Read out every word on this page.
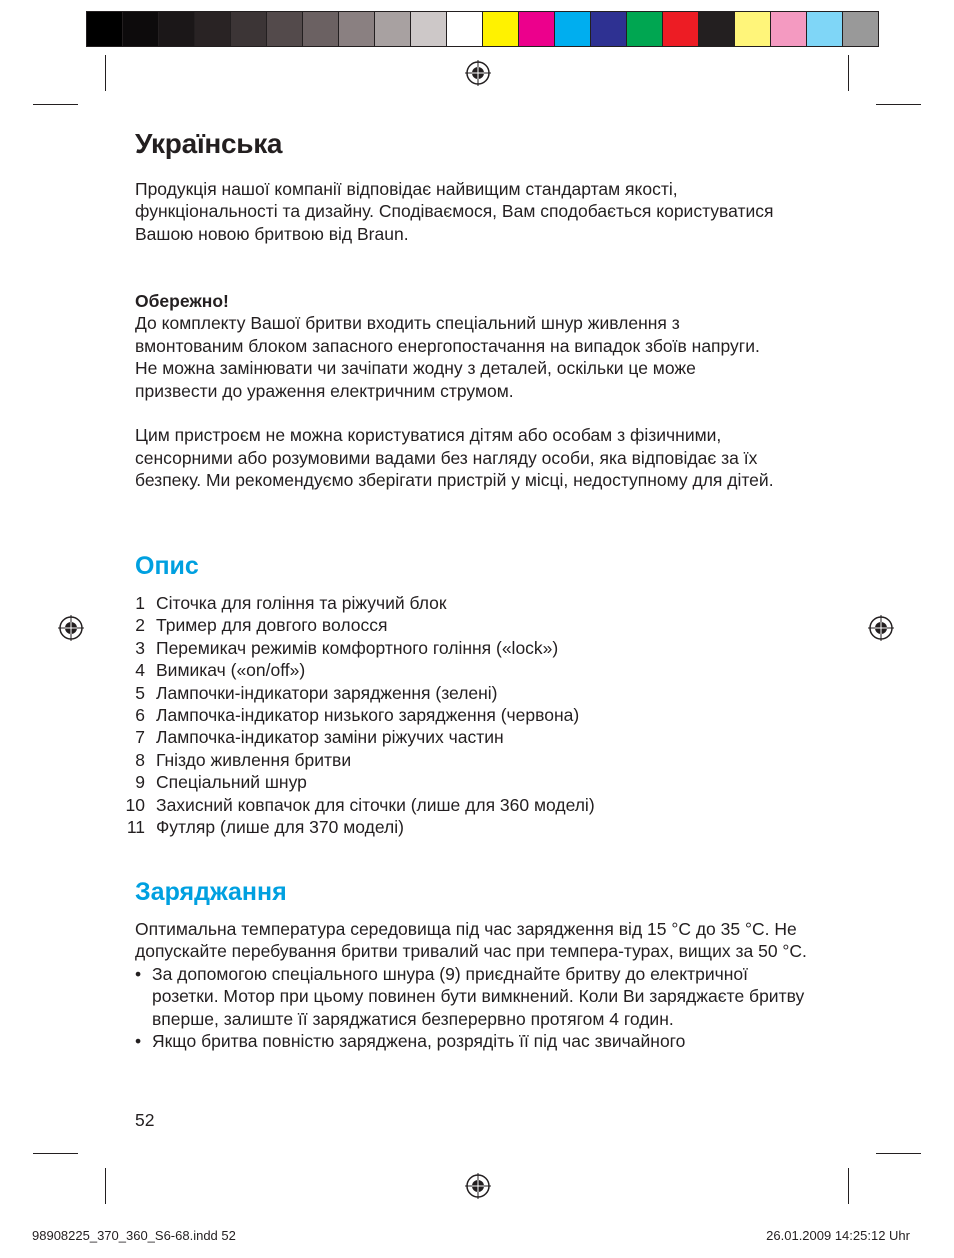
Українська

Продукція нашої компанії відповідає найвищим стандартам якості, функціональності та дизайну. Сподіваємося, Вам сподобається користуватися Вашою новою бритвою від Braun.

Обережно!

До комплекту Вашої бритви входить спеціальний шнур живлення з вмонтованим блоком запасного енергопостачання на випадок збоїв напруги. Не можна замінювати чи зачіпати жодну з деталей, оскільки це може призвести до ураження електричним струмом.

Цим пристроєм не можна користуватися дітям або особам з фізичними, сенсорними або розумовими вадами без нагляду особи, яка відповідає за їх безпеку. Ми рекомендуємо зберігати пристрій у місці, недоступному для дітей.

Опис
1 Сіточка для гоління та ріжучий блок
2 Тример для довгого волосся
3 Перемикач режимів комфортного гоління («lock»)
4 Вимикач («on/off»)
5 Лампочки-індикатори зарядження (зелені)
6 Лампочка-індикатор низького зарядження (червона)
7 Лампочка-індикатор заміни ріжучих частин
8 Гніздо живлення бритви
9 Спеціальний шнур
10 Захисний ковпачок для сіточки (лише для 360 моделі)
11 Футляр (лише для 370 моделі)
Заряджання

Оптимальна температура середовища під час зарядження від 15 °C до 35 °C. Не допускайте перебування бритви тривалий час при темпера-турах, вищих за 50 °C.

• За допомогою спеціального шнура (9) приєднайте бритву до електричної розетки. Мотор при цьому повинен бути вимкнений. Коли Ви заряджаєте бритву вперше, залиште її заряджатися безперервно протягом 4 годин.
• Якщо бритва повністю заряджена, розрядіть її під час звичайного
52
98908225_370_360_S6-68.indd 52	26.01.2009 14:25:12 Uhr
